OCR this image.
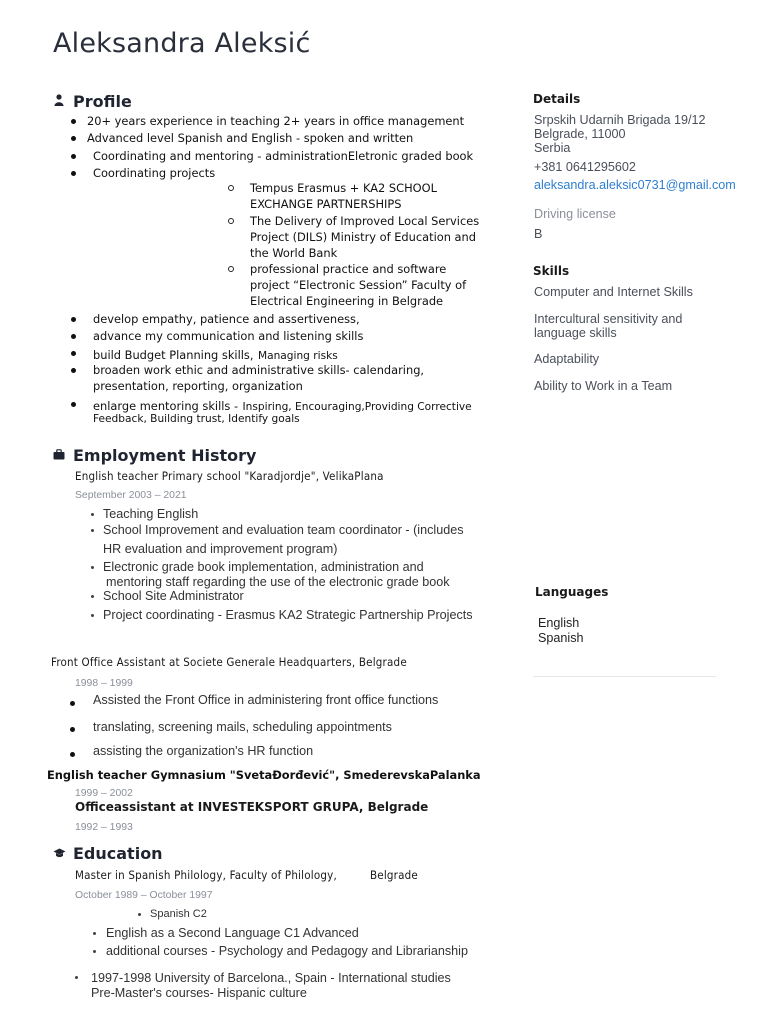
Aleksandra Aleksić
Profile
20+ years experience in teaching 2+ years in office management
Advanced level Spanish and English - spoken and written
Coordinating and mentoring - administrationEletronic graded book
Coordinating projects
Tempus Erasmus + KA2 SCHOOL
EXCHANGE PARTNERSHIPS
The Delivery of Improved Local Services
Project (DILS) Ministry of Education and
the World Bank
professional practice and software
project “Electronic Session” Faculty of
Electrical Engineering in Belgrade
develop empathy, patience and assertiveness,
advance my communication and listening skills
build Budget Planning skills, Managing risks
broaden work ethic and administrative skills- calendaring,
presentation, reporting, organization
enlarge mentoring skills - Inspiring, Encouraging,Providing Corrective
Feedback, Building trust, Identify goals
Employment History
English teacher Primary school "Karadjordje", VelikaPlana
September 2003 – 2021
Teaching English
School Improvement and evaluation team coordinator - (includes
HR evaluation and improvement program)
Electronic grade book implementation, administration and
mentoring staff regarding the use of the electronic grade book
School Site Administrator
Project coordinating - Erasmus KA2 Strategic Partnership Projects
Front Office Assistant at Societe Generale Headquarters, Belgrade
1998 – 1999
Assisted the Front Office in administering front office functions
translating, screening mails, scheduling appointments
assisting the organization's HR function
English teacher Gymnasium "SvetaĐorđević", SmederevskaPalanka
1999 – 2002
Officeassistant at INVESTEKSPORT GRUPA, Belgrade
1992 – 1993
Education
Master in Spanish Philology, Faculty of Philology,	Belgrade
October 1989 – October 1997
Spanish C2
English as a Second Language C1 Advanced
additional courses - Psychology and Pedagogy and Librarianship
1997-1998 University of Barcelona., Spain - International studies
Pre-Master's courses- Hispanic culture
Details
Srpskih Udarnih Brigada 19/12
Belgrade, 11000
Serbia
+381 0641295602
aleksandra.aleksic0731@gmail.com
Driving license
B
Skills
Computer and Internet Skills
Intercultural sensitivity and
language skills
Adaptability
Ability to Work in a Team
Languages
English
Spanish
